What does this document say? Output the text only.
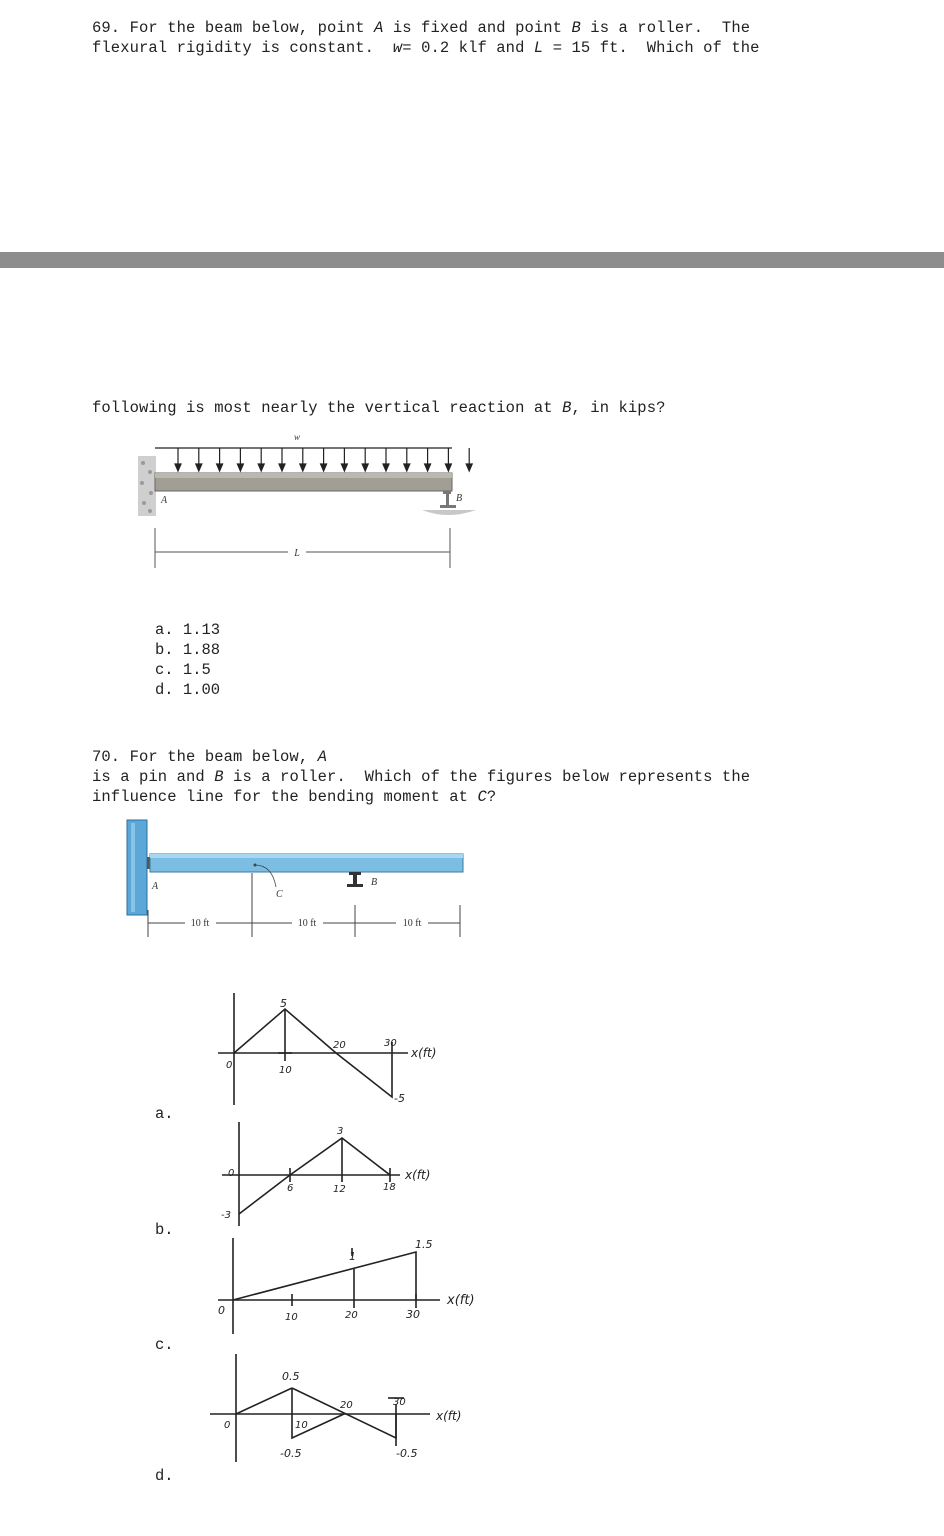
69. For the beam below, point A is fixed and point B is a roller.  The
flexural rigidity is constant.  w= 0.2 klf and L = 15 ft.  Which of the
following is most nearly the vertical reaction at B, in kips?
w
A	B
L
a. 1.13
b. 1.88
c. 1.5
d. 1.00
70. For the beam below, A
is a pin and B is a roller.  Which of the figures below represents the
influence line for the bending moment at C?
A
C
B
10 ft	10 ft	10 ft
0
5
10
20	30
-5
x(ft)
a.
0
-3
6
3
12	18
x(ft)
b.
0
1
1.5
10	20	30
x(ft)
c.
0
0.5
10
20	30
-0.5	-0.5
x(ft)
d.
